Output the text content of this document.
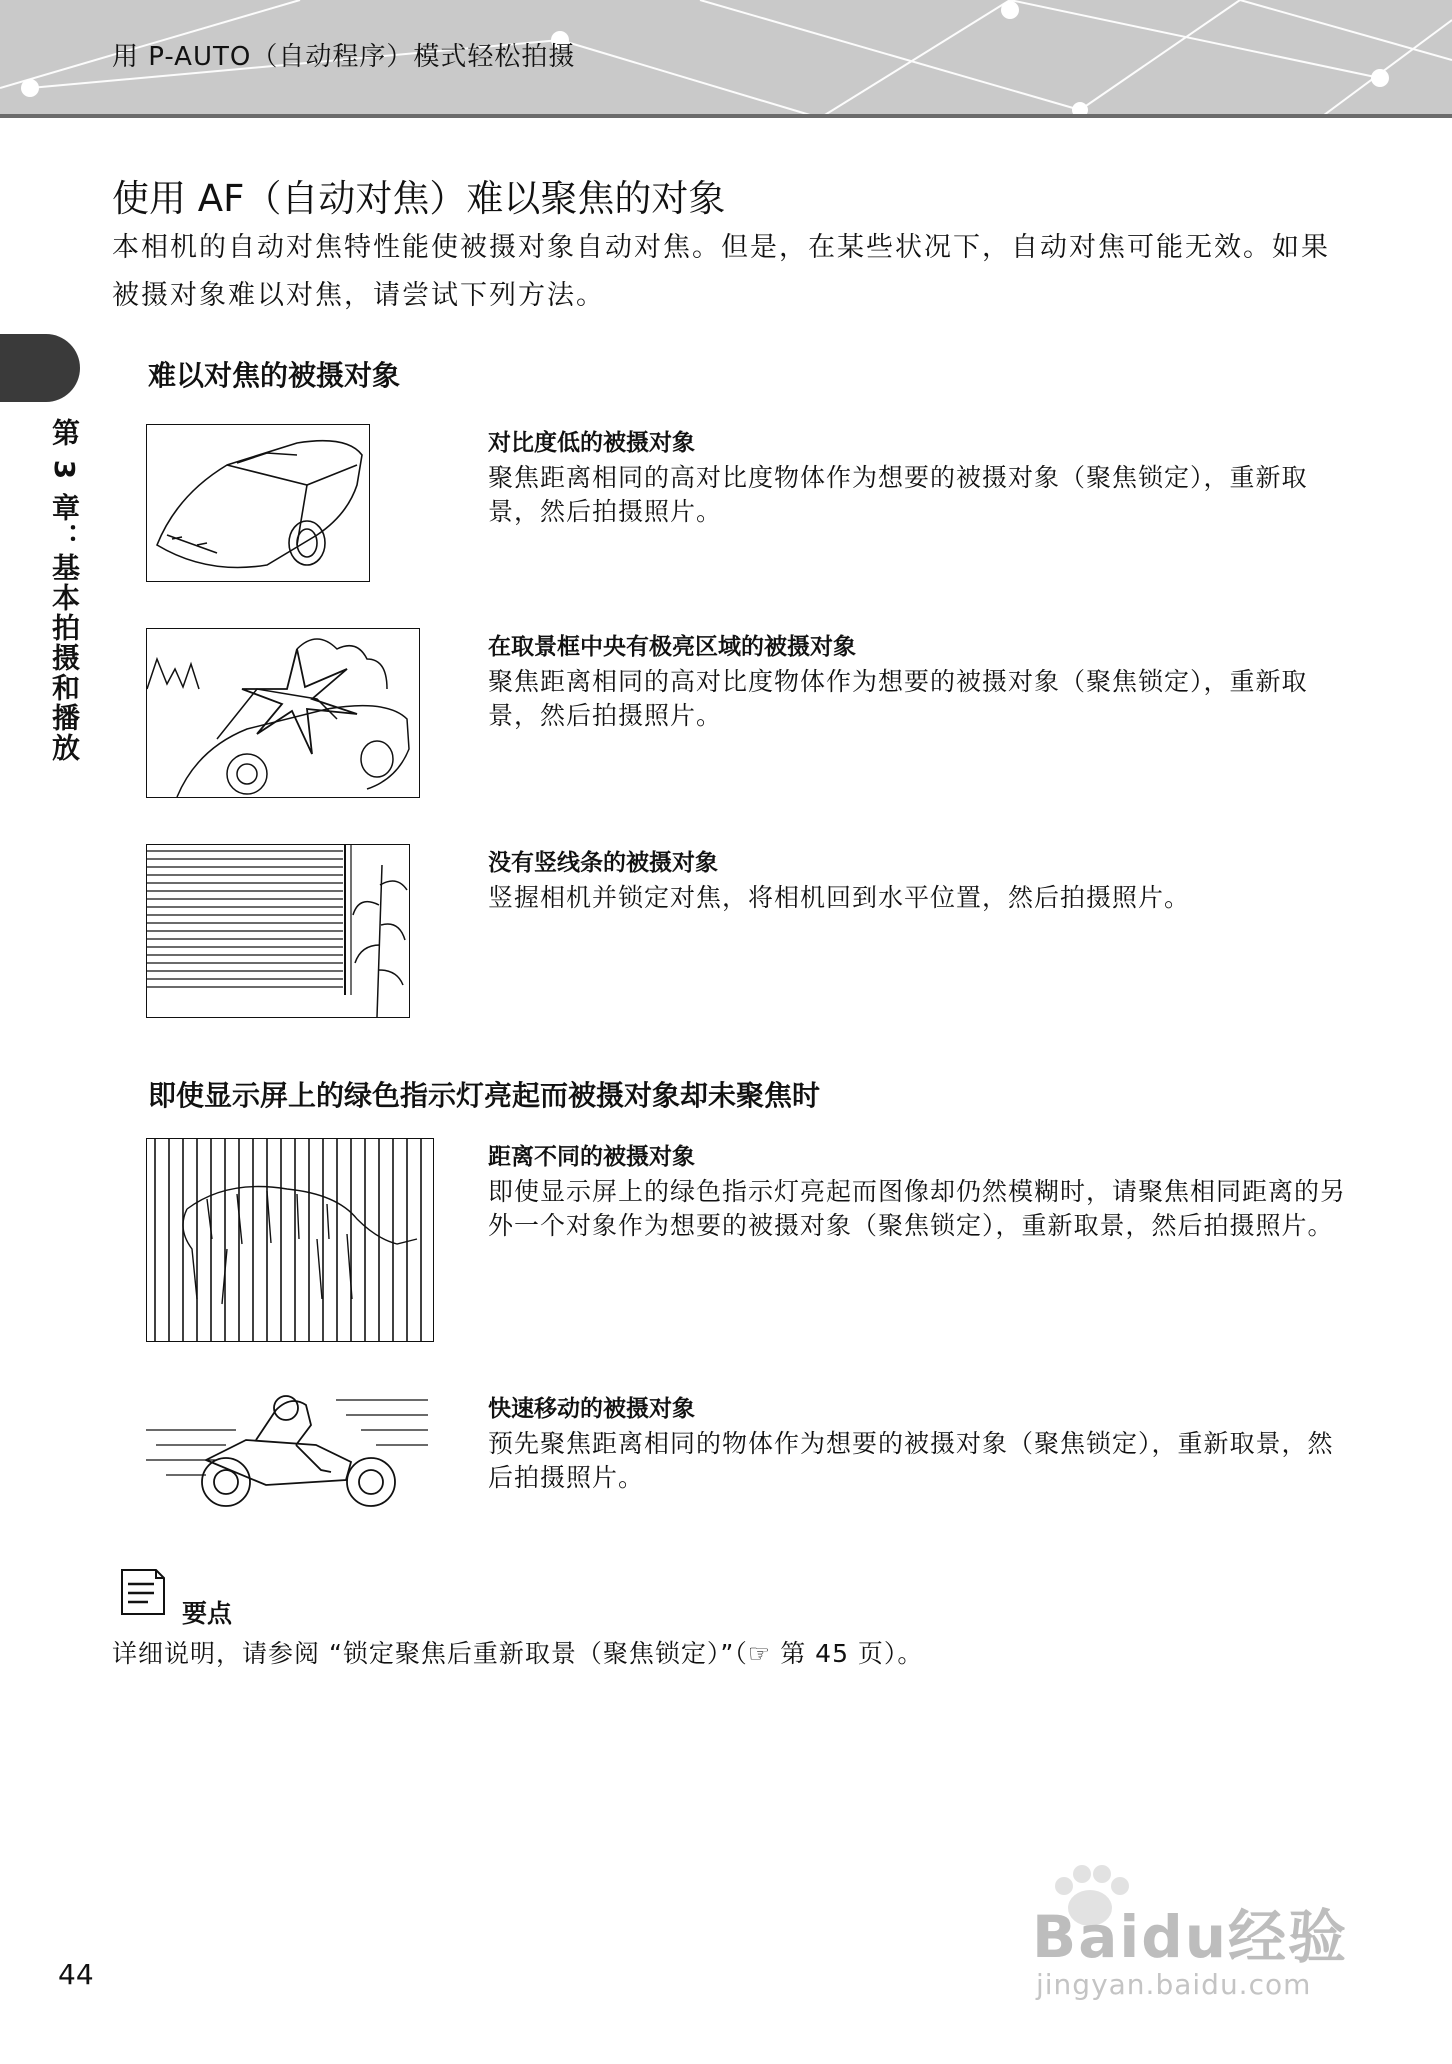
用 P-AUTO（自动程序）模式轻松拍摄
第 3 章：基本拍摄和播放
使用 AF（自动对焦）难以聚焦的对象

本相机的自动对焦特性能使被摄对象自动对焦。但是，在某些状况下，自动对焦可能无效。如果被摄对象难以对焦，请尝试下列方法。

难以对焦的被摄对象

对比度低的被摄对象

聚焦距离相同的高对比度物体作为想要的被摄对象（聚焦锁定），重新取景，然后拍摄照片。

在取景框中央有极亮区域的被摄对象

聚焦距离相同的高对比度物体作为想要的被摄对象（聚焦锁定），重新取景，然后拍摄照片。

没有竖线条的被摄对象

竖握相机并锁定对焦，将相机回到水平位置，然后拍摄照片。

即使显示屏上的绿色指示灯亮起而被摄对象却未聚焦时

距离不同的被摄对象

即使显示屏上的绿色指示灯亮起而图像却仍然模糊时，请聚焦相同距离的另外一个对象作为想要的被摄对象（聚焦锁定），重新取景，然后拍摄照片。

快速移动的被摄对象

预先聚焦距离相同的物体作为想要的被摄对象（聚焦锁定），重新取景，然后拍摄照片。

要点
详细说明，请参阅 “锁定聚焦后重新取景（聚焦锁定）”（☞ 第 45 页）。
44
Baidu经验
jingyan.baidu.com
